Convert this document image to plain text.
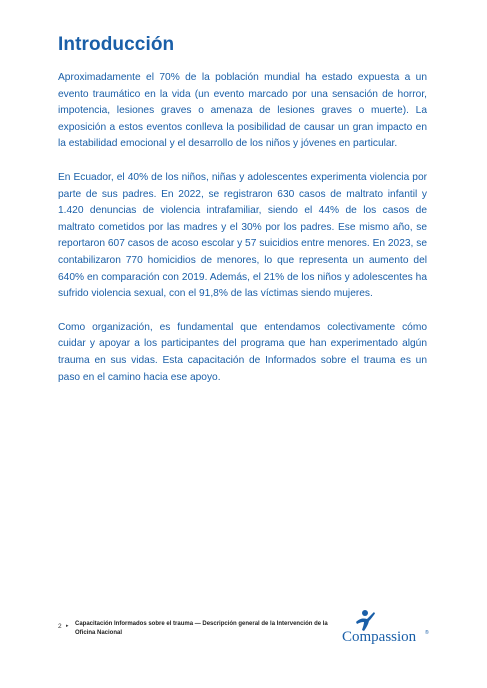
Introducción

Aproximadamente el 70% de la población mundial ha estado expuesta a un evento traumático en la vida (un evento marcado por una sensación de horror, impotencia, lesiones graves o amenaza de lesiones graves o muerte). La exposición a estos eventos conlleva la posibilidad de causar un gran impacto en la estabilidad emocional y el desarrollo de los niños y jóvenes en particular.

En Ecuador, el 40% de los niños, niñas y adolescentes experimenta violencia por parte de sus padres. En 2022, se registraron 630 casos de maltrato infantil y 1.420 denuncias de violencia intrafamiliar, siendo el 44% de los casos de maltrato cometidos por las madres y el 30% por los padres. Ese mismo año, se reportaron 607 casos de acoso escolar y 57 suicidios entre menores. En 2023, se contabilizaron 770 homicidios de menores, lo que representa un aumento del 640% en comparación con 2019. Además, el 21% de los niños y adolescentes ha sufrido violencia sexual, con el 91,8% de las víctimas siendo mujeres.

Como organización, es fundamental que entendamos colectivamente cómo cuidar y apoyar a los participantes del programa que han experimentado algún trauma en sus vidas. Esta capacitación de Informados sobre el trauma es un paso en el camino hacia ese apoyo.

2 ▸ Capacitación Informados sobre el trauma — Descripción general de la Intervención de la Oficina Nacional	Compassion ®
